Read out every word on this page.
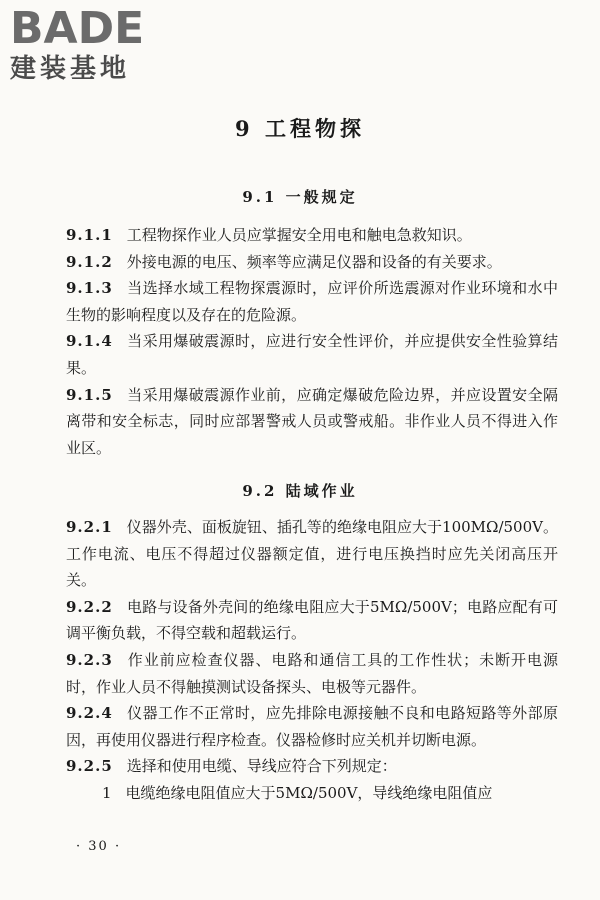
BADE
建装基地
9 工程物探
9.1 一般规定

9.1.1 工程物探作业人员应掌握安全用电和触电急救知识。

9.1.2 外接电源的电压、频率等应满足仪器和设备的有关要求。

9.1.3 当选择水域工程物探震源时，应评价所选震源对作业环境和水中生物的影响程度以及存在的危险源。

9.1.4 当采用爆破震源时，应进行安全性评价，并应提供安全性验算结果。

9.1.5 当采用爆破震源作业前，应确定爆破危险边界，并应设置安全隔离带和安全标志，同时应部署警戒人员或警戒船。非作业人员不得进入作业区。

9.2 陆域作业

9.2.1 仪器外壳、面板旋钮、插孔等的绝缘电阻应大于100MΩ/500V。工作电流、电压不得超过仪器额定值，进行电压换挡时应先关闭高压开关。

9.2.2 电路与设备外壳间的绝缘电阻应大于5MΩ/500V；电路应配有可调平衡负载，不得空载和超载运行。

9.2.3 作业前应检查仪器、电路和通信工具的工作性状；未断开电源时，作业人员不得触摸测试设备探头、电极等元器件。

9.2.4 仪器工作不正常时，应先排除电源接触不良和电路短路等外部原因，再使用仪器进行程序检查。仪器检修时应关机并切断电源。

9.2.5 选择和使用电缆、导线应符合下列规定：

1 电缆绝缘电阻值应大于5MΩ/500V，导线绝缘电阻值应

· 30 ·
